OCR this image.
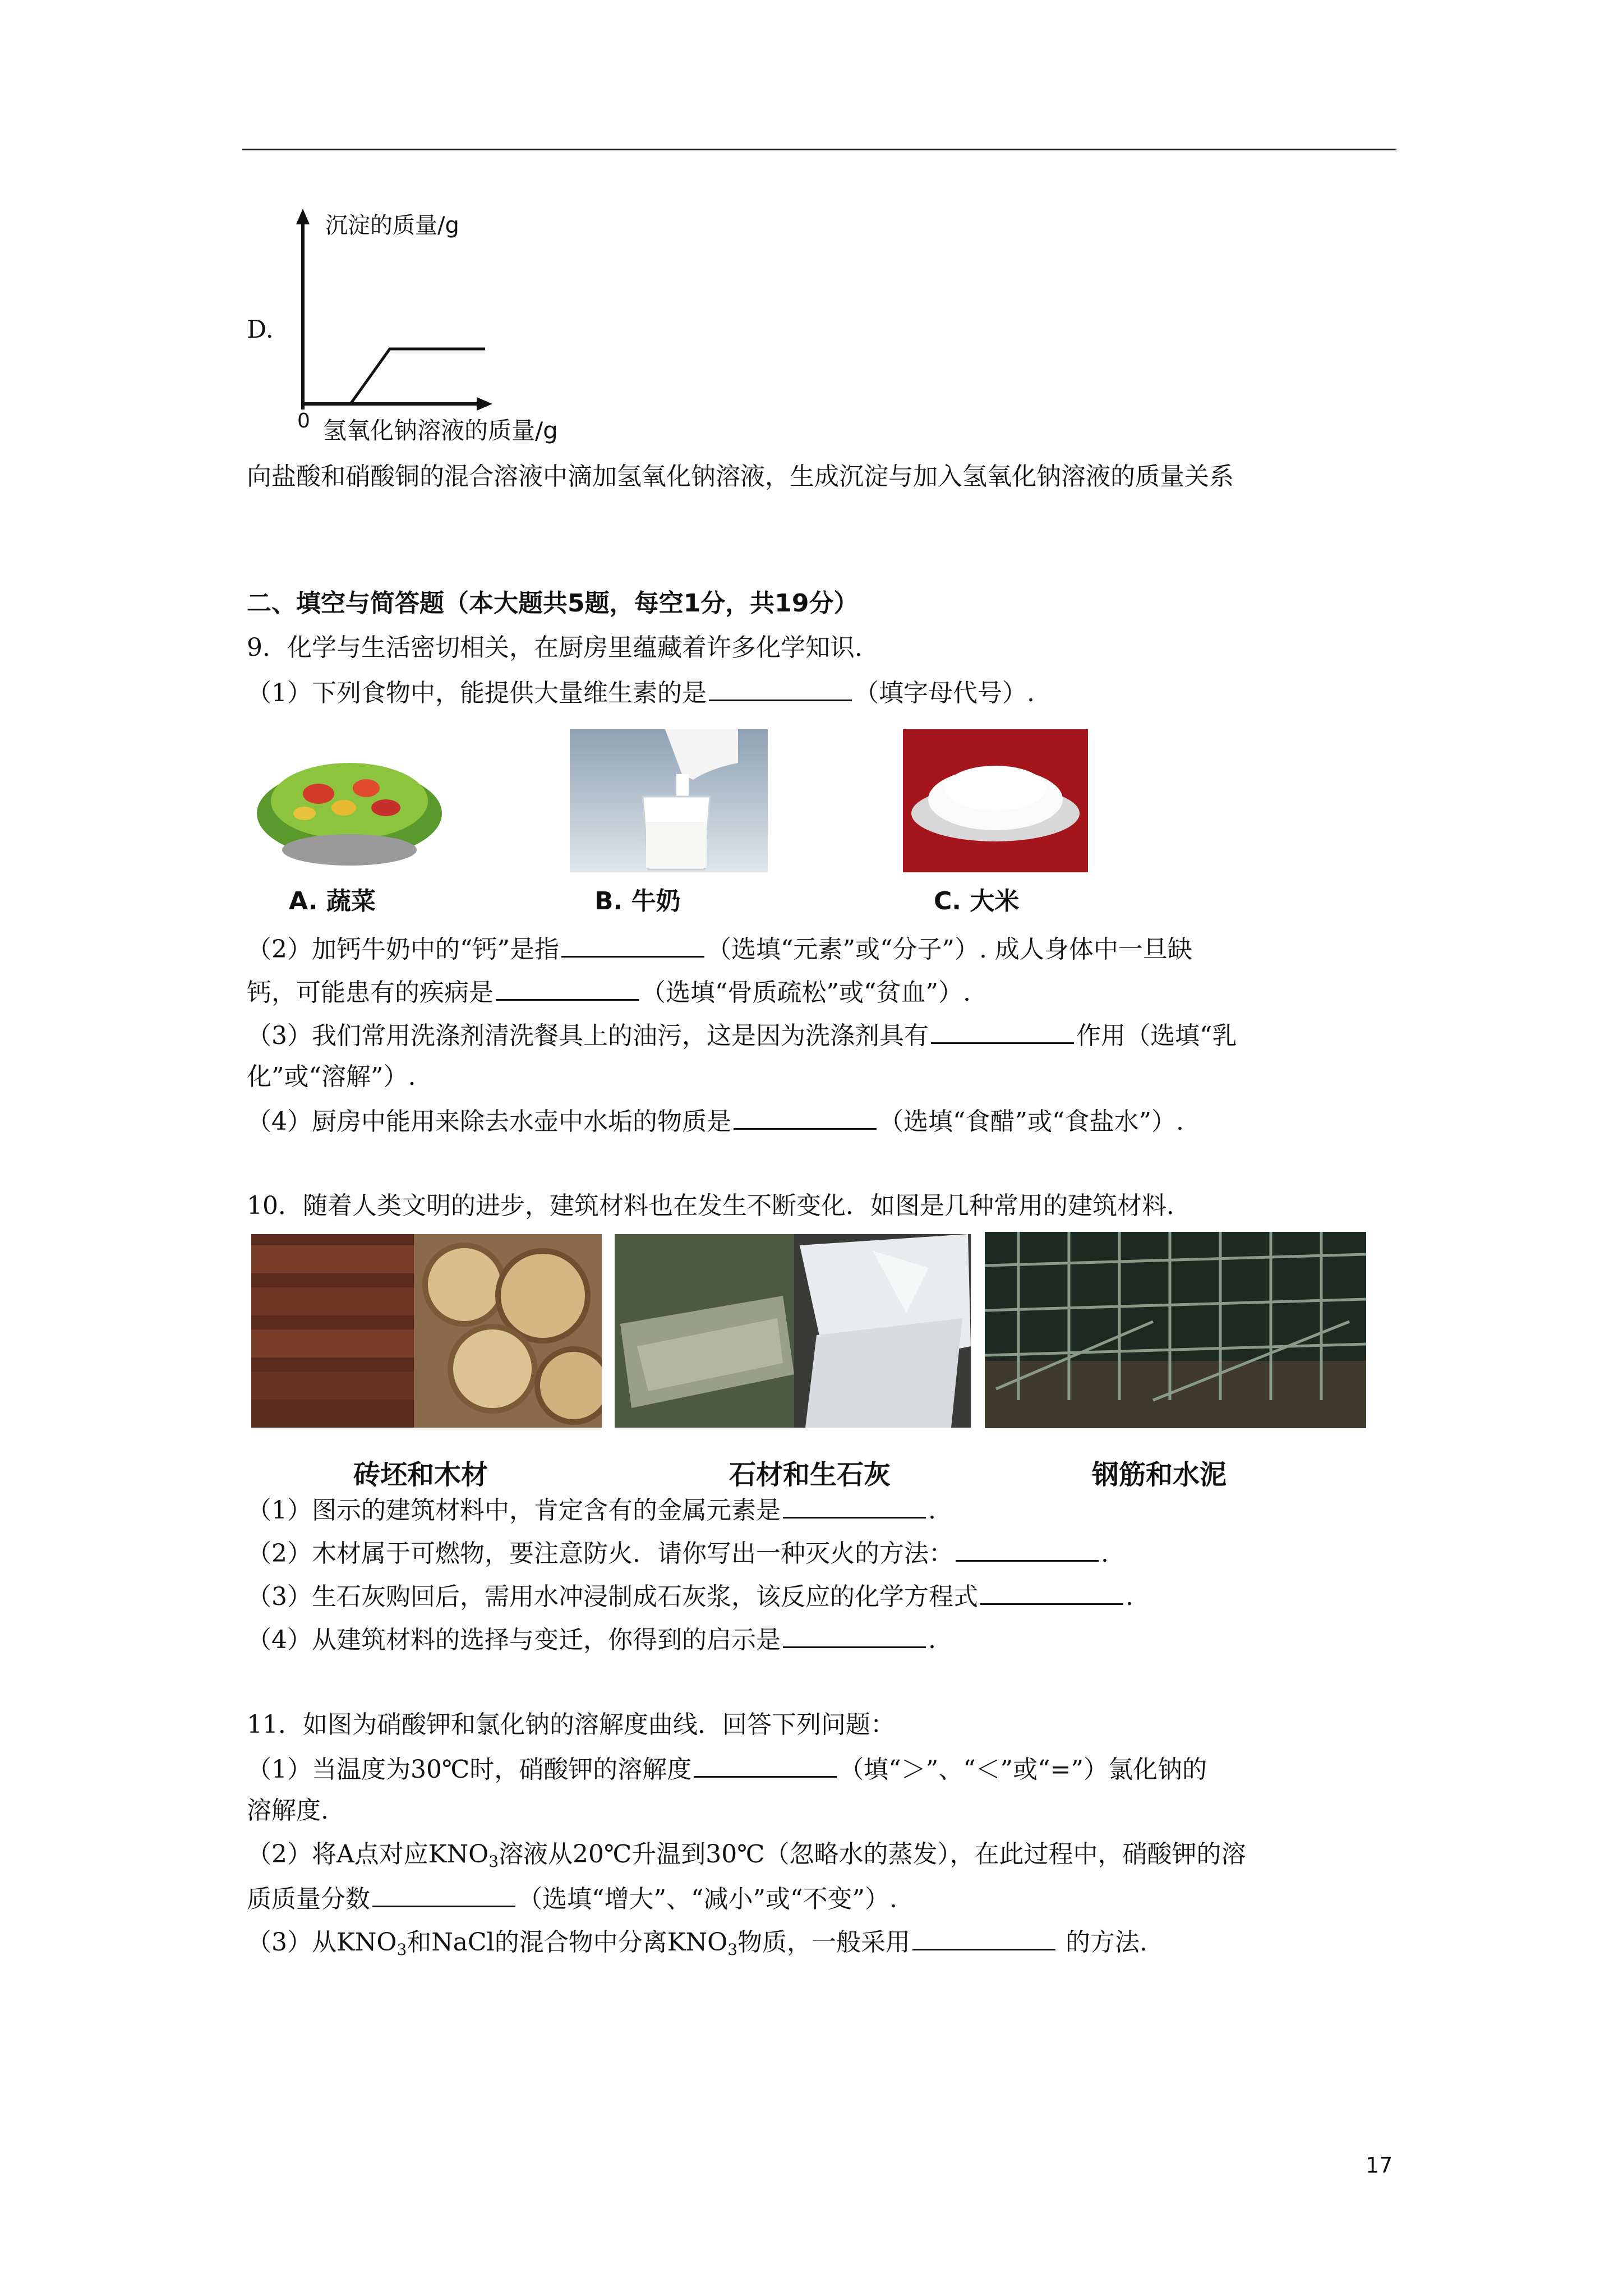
D.
沉淀的质量/g
0 氢氧化钠溶液的质量/g
向盐酸和硝酸铜的混合溶液中滴加氢氧化钠溶液，生成沉淀与加入氢氧化钠溶液的质量关系
二、填空与简答题（本大题共5题，每空1分，共19分）
9．化学与生活密切相关，在厨房里蕴藏着许多化学知识．
（1）下列食物中，能提供大量维生素的是	（填字母代号）.
A. 蔬菜	B. 牛奶	C. 大米
（2）加钙牛奶中的“钙”是指	（选填“元素”或“分子”）. 成人身体中一旦缺
钙，可能患有的疾病是	（选填“骨质疏松”或“贫血”）.
（3）我们常用洗涤剂清洗餐具上的油污，这是因为洗涤剂具有	作用（选填“乳
化”或“溶解”）.
（4）厨房中能用来除去水壶中水垢的物质是	（选填“食醋”或“食盐水”）.
10．随着人类文明的进步，建筑材料也在发生不断变化．如图是几种常用的建筑材料．
砖坯和木材	石材和生石灰	钢筋和水泥
（1）图示的建筑材料中，肯定含有的金属元素是	.
（2）木材属于可燃物，要注意防火．请你写出一种灭火的方法：	.
（3）生石灰购回后，需用水冲浸制成石灰浆，该反应的化学方程式	.
（4）从建筑材料的选择与变迁，你得到的启示是	.
11．如图为硝酸钾和氯化钠的溶解度曲线．回答下列问题：
（1）当温度为30℃时，硝酸钾的溶解度	（填“＞”、“＜”或“=”）氯化钠的
溶解度.
（2）将A点对应$KNO_3$溶液从20℃升温到30℃（忽略水的蒸发），在此过程中，硝酸钾的溶
质质量分数	（选填“增大”、“减小”或“不变”）.
（3）从$KNO_3$和NaCl的混合物中分离$KNO_3$物质，一般采用	的方法.
17
